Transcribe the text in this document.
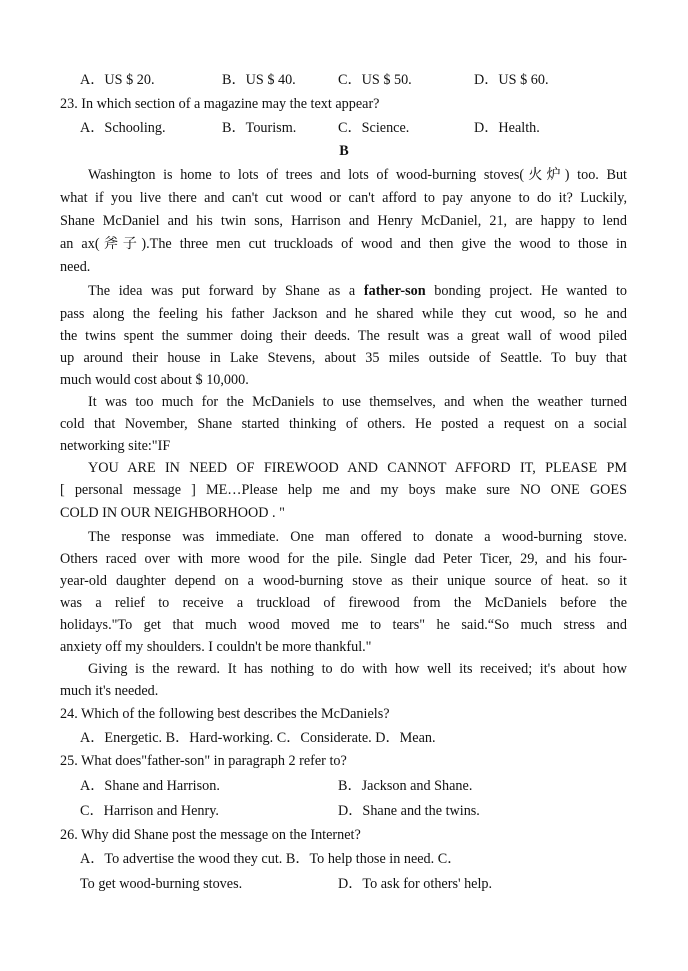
A．US $ 20.	B．US $ 40.	C．US $ 50.	D．US $ 60.
23. In which section of a magazine may the text appear?
A．Schooling.	B．Tourism.	C．Science.	D．Health.
B
Washington is home to lots of trees and lots of wood-burning stoves(火炉) too. But
what if you live there and can't cut wood or can't afford to pay anyone to do it? Luckily,
Shane McDaniel and his twin sons, Harrison and Henry McDaniel, 21, are happy to lend
an ax(斧子).The three men cut truckloads of wood and then give the wood to those in
need.
The idea was put forward by Shane as a father-son bonding project. He wanted to
pass along the feeling his father Jackson and he shared while they cut wood, so he and
the twins spent the summer doing their deeds. The result was a great wall of wood piled
up around their house in Lake Stevens, about 35 miles outside of Seattle. To buy that
much would cost about $ 10,000.
It was too much for the McDaniels to use themselves, and when the weather turned
cold that November, Shane started thinking of others. He posted a request on a social
networking site:"IF
YOU ARE IN NEED OF FIREWOOD AND CANNOT AFFORD IT, PLEASE PM
[ personal message ] ME…Please help me and my boys make sure NO ONE GOES
COLD IN OUR NEIGHBORHOOD . "
The response was immediate. One man offered to donate a wood-burning stove.
Others raced over with more wood for the pile. Single dad Peter Ticer, 29, and his four-
year-old daughter depend on a wood-burning stove as their unique source of heat. so it
was a relief to receive a truckload of firewood from the McDaniels before the
holidays."To get that much wood moved me to tears" he said.“So much stress and
anxiety off my shoulders. I couldn't be more thankful."
Giving is the reward. It has nothing to do with how well its received; it's about how
much it's needed.
24. Which of the following best describes the McDaniels?
A．Energetic. B．Hard-working. C．Considerate. D．Mean.
25. What does"father-son" in paragraph 2 refer to?
A．Shane and Harrison.	B．Jackson and Shane.
C．Harrison and Henry.	D．Shane and the twins.
26. Why did Shane post the message on the Internet?
A．To advertise the wood they cut. B．To help those in need. C．
To get wood-burning stoves.	D．To ask for others' help.
